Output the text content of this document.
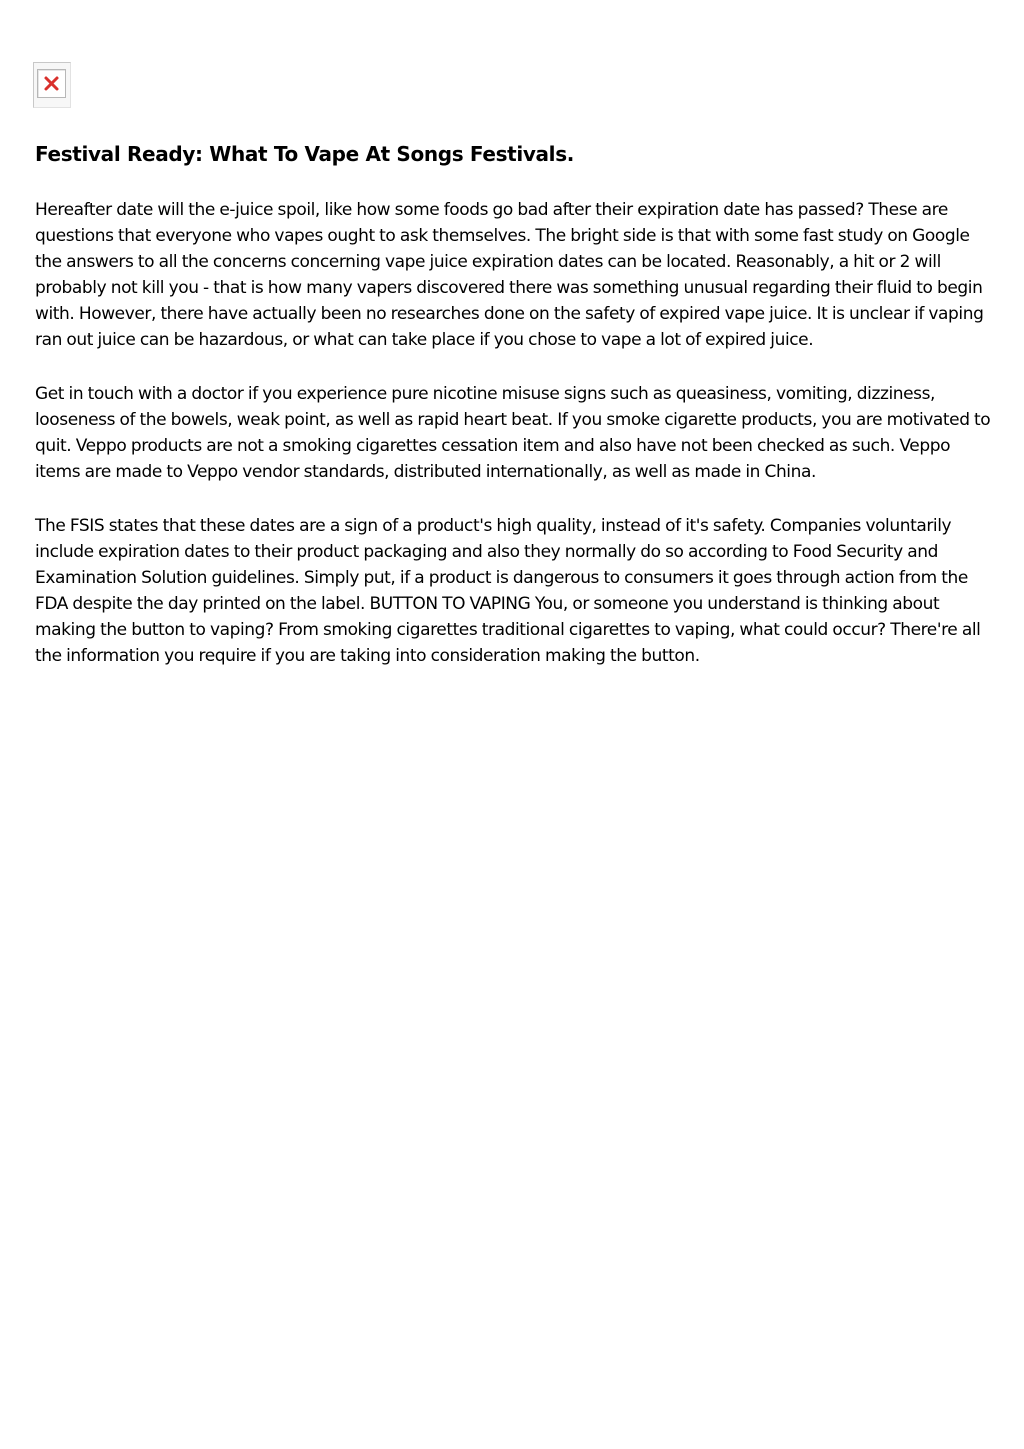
Festival Ready: What To Vape At Songs Festivals.

Hereafter date will the e-juice spoil, like how some foods go bad after their expiration date has passed? These are questions that everyone who vapes ought to ask themselves. The bright side is that with some fast study on Google the answers to all the concerns concerning vape juice expiration dates can be located. Reasonably, a hit or 2 will probably not kill you - that is how many vapers discovered there was something unusual regarding their fluid to begin with. However, there have actually been no researches done on the safety of expired vape juice. It is unclear if vaping ran out juice can be hazardous, or what can take place if you chose to vape a lot of expired juice.

Get in touch with a doctor if you experience pure nicotine misuse signs such as queasiness, vomiting, dizziness, looseness of the bowels, weak point, as well as rapid heart beat. If you smoke cigarette products, you are motivated to quit. Veppo products are not a smoking cigarettes cessation item and also have not been checked as such. Veppo items are made to Veppo vendor standards, distributed internationally, as well as made in China.

The FSIS states that these dates are a sign of a product's high quality, instead of it's safety. Companies voluntarily include expiration dates to their product packaging and also they normally do so according to Food Security and Examination Solution guidelines. Simply put, if a product is dangerous to consumers it goes through action from the FDA despite the day printed on the label. BUTTON TO VAPING You, or someone you understand is thinking about making the button to vaping? From smoking cigarettes traditional cigarettes to vaping, what could occur? There're all the information you require if you are taking into consideration making the button.
